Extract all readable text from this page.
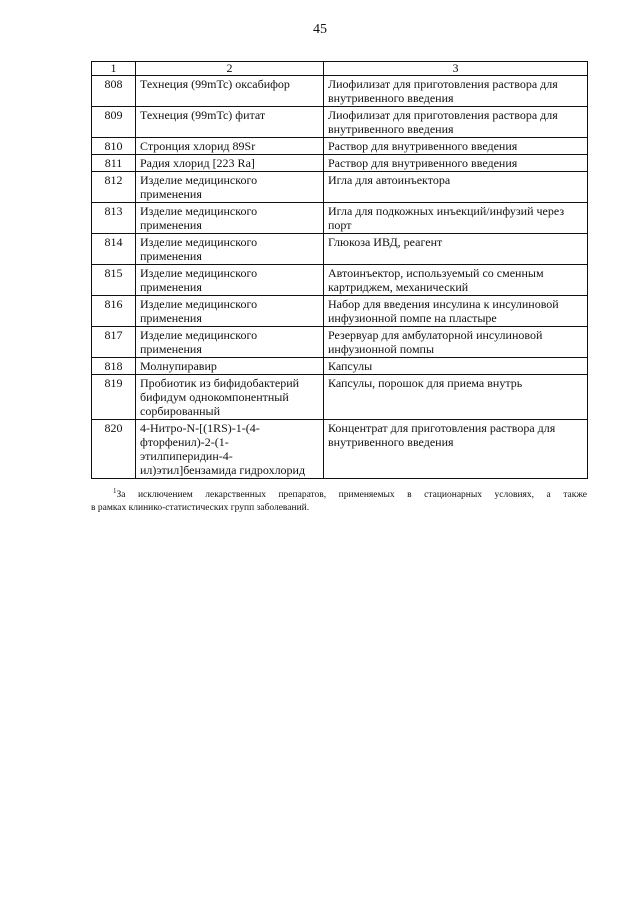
45
1	2	3
808	Технеция (99mTc) оксабифор	Лиофилизат для приготовления раствора для внутривенного введения
809	Технеция (99mTc) фитат	Лиофилизат для приготовления раствора для внутривенного введения
810	Стронция хлорид 89Sr	Раствор для внутривенного введения
811	Радия хлорид [223 Ra]	Раствор для внутривенного введения
812	Изделие медицинского применения	Игла для автоинъектора
813	Изделие медицинского применения	Игла для подкожных инъекций/инфузий через порт
814	Изделие медицинского применения	Глюкоза ИВД, реагент
815	Изделие медицинского применения	Автоинъектор, используемый со сменным картриджем, механический
816	Изделие медицинского применения	Набор для введения инсулина к инсулиновой инфузионной помпе на пластыре
817	Изделие медицинского применения	Резервуар для амбулаторной инсулиновой инфузионной помпы
818	Молнупиравир	Капсулы
819	Пробиотик из бифидобактерий бифидум однокомпонентный сорбированный	Капсулы, порошок для приема внутрь
820	4-Нитро-N-[(1RS)-1-(4-фторфенил)-2-(1-этилпиперидин-4-ил)этил]бензамида гидрохлорид	Концентрат для приготовления раствора для внутривенного введения
$^1$За исключением лекарственных препаратов, применяемых в стационарных условиях, а также
в рамках клинико-статистических групп заболеваний.
